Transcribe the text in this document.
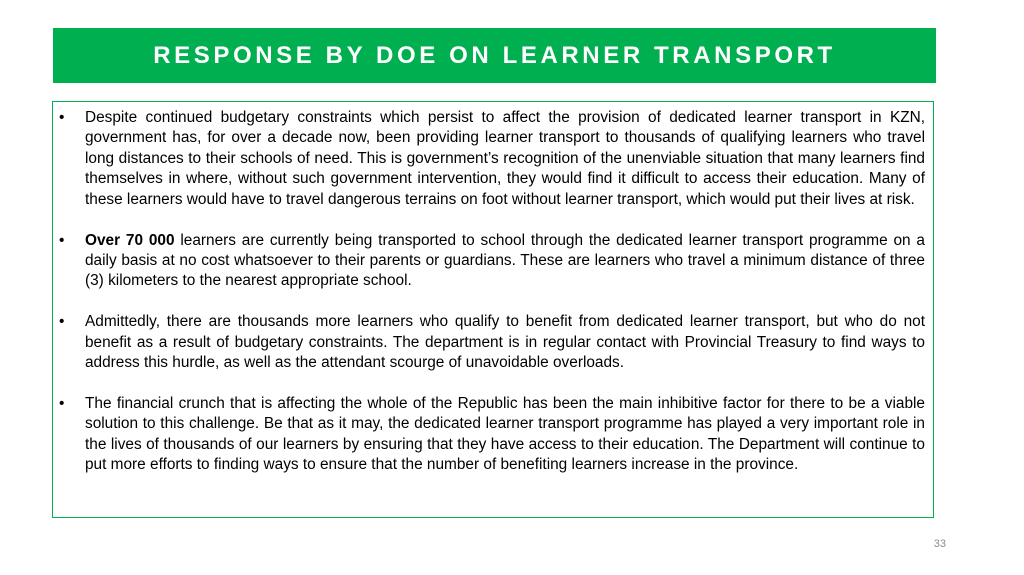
RESPONSE BY DOE ON LEARNER TRANSPORT
• Despite continued budgetary constraints which persist to affect the provision of dedicated learner transport in KZN, government has, for over a decade now, been providing learner transport to thousands of qualifying learners who travel long distances to their schools of need. This is government’s recognition of the unenviable situation that many learners find themselves in where, without such government intervention, they would find it difficult to access their education. Many of these learners would have to travel dangerous terrains on foot without learner transport, which would put their lives at risk.
• Over 70 000 learners are currently being transported to school through the dedicated learner transport programme on a daily basis at no cost whatsoever to their parents or guardians. These are learners who travel a minimum distance of three (3) kilometers to the nearest appropriate school.
• Admittedly, there are thousands more learners who qualify to benefit from dedicated learner transport, but who do not benefit as a result of budgetary constraints. The department is in regular contact with Provincial Treasury to find ways to address this hurdle, as well as the attendant scourge of unavoidable overloads.
• The financial crunch that is affecting the whole of the Republic has been the main inhibitive factor for there to be a viable solution to this challenge. Be that as it may, the dedicated learner transport programme has played a very important role in the lives of thousands of our learners by ensuring that they have access to their education. The Department will continue to put more efforts to finding ways to ensure that the number of benefiting learners increase in the province.
33
